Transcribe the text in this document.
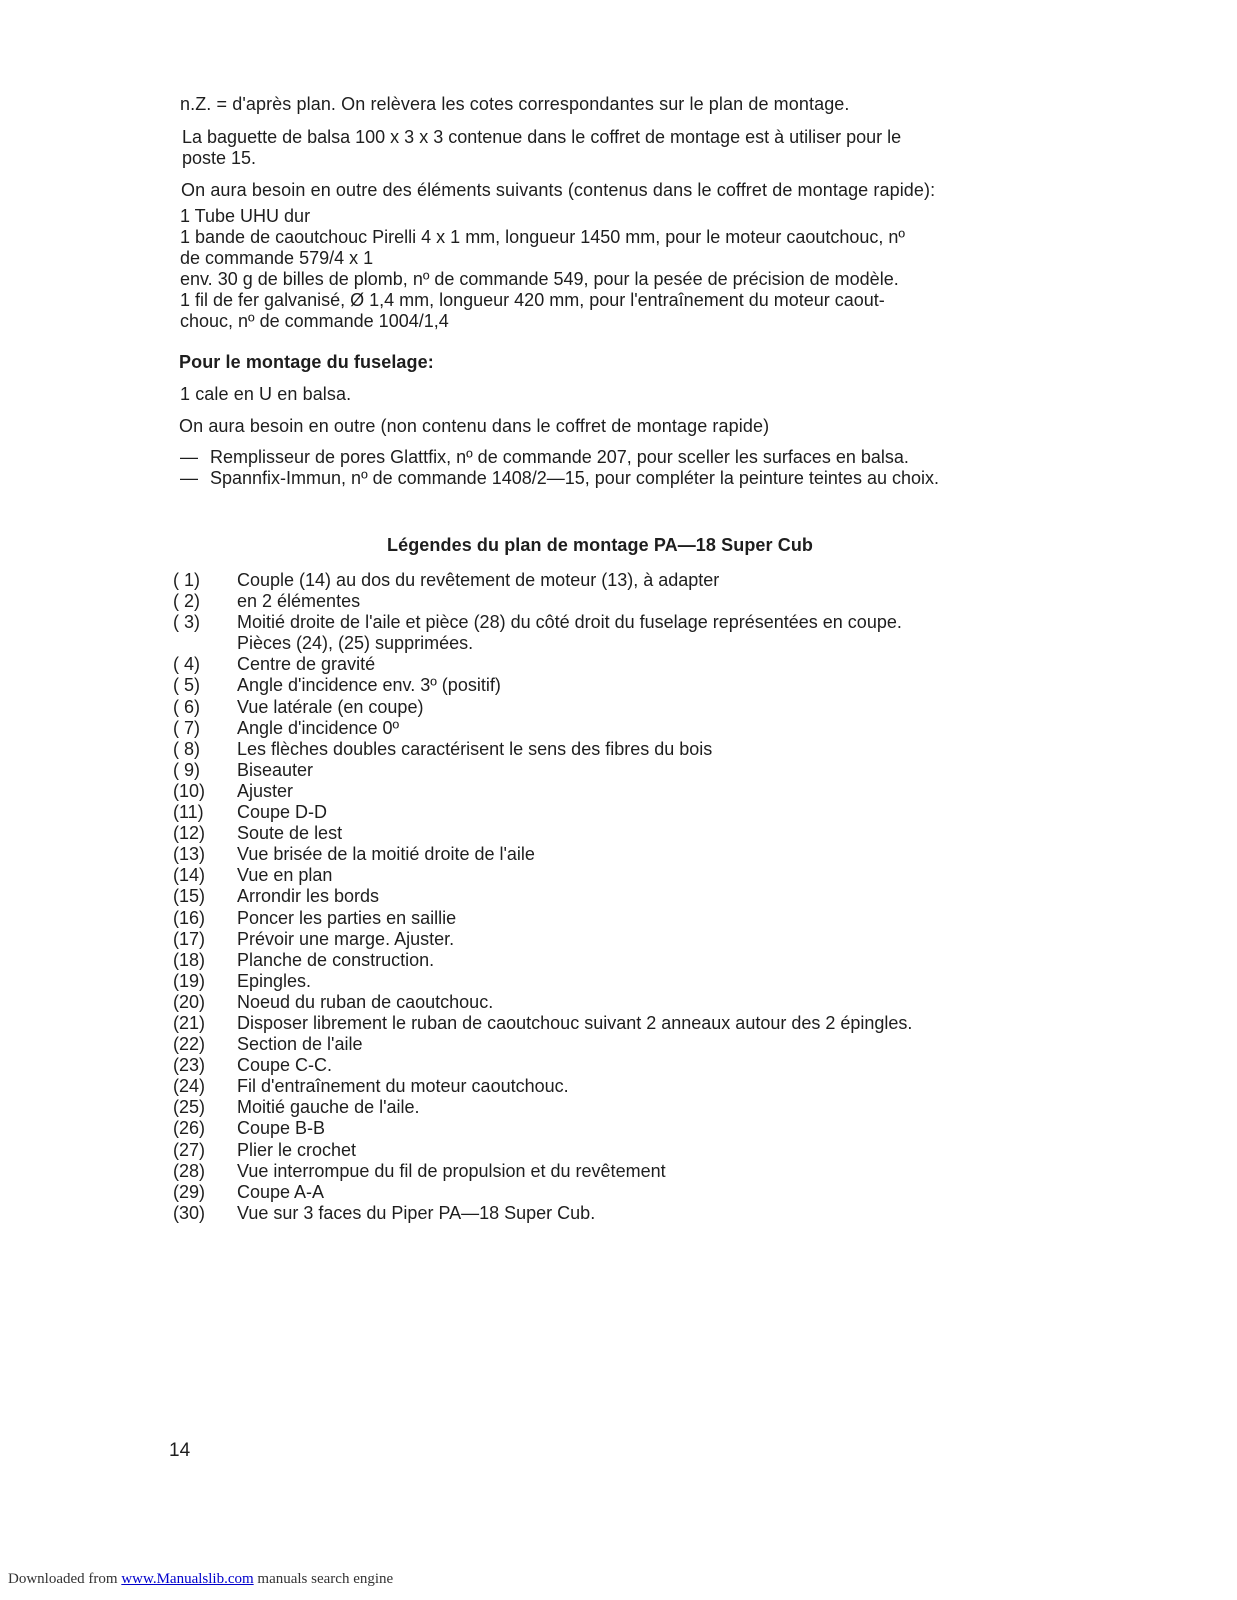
n.Z. = d'après plan. On relèvera les cotes correspondantes sur le plan de montage.
La baguette de balsa 100 x 3 x 3 contenue dans le coffret de montage est à utiliser pour le
poste 15.
On aura besoin en outre des éléments suivants (contenus dans le coffret de montage rapide):
1 Tube UHU dur
1 bande de caoutchouc Pirelli 4 x 1 mm, longueur 1450 mm, pour le moteur caoutchouc, nº
de commande 579/4 x 1
env. 30 g de billes de plomb, nº de commande 549, pour la pesée de précision de modèle.
1 fil de fer galvanisé, Ø 1,4 mm, longueur 420 mm, pour l'entraînement du moteur caout-
chouc, nº de commande 1004/1,4
Pour le montage du fuselage:
1 cale en U en balsa.
On aura besoin en outre (non contenu dans le coffret de montage rapide)
— Remplisseur de pores Glattfix, nº de commande 207, pour sceller les surfaces en balsa.
— Spannfix-Immun, nº de commande 1408/2—15, pour compléter la peinture teintes au choix.
Légendes du plan de montage PA—18 Super Cub
( 1)	Couple (14) au dos du revêtement de moteur (13), à adapter
( 2)	en 2 élémentes
( 3)	Moitié droite de l'aile et pièce (28) du côté droit du fuselage représentées en coupe.
Pièces (24), (25) supprimées.
( 4)	Centre de gravité
( 5)	Angle d'incidence env. 3º (positif)
( 6)	Vue latérale (en coupe)
( 7)	Angle d'incidence 0º
( 8)	Les flèches doubles caractérisent le sens des fibres du bois
( 9)	Biseauter
(10)	Ajuster
(11)	Coupe D-D
(12)	Soute de lest
(13)	Vue brisée de la moitié droite de l'aile
(14)	Vue en plan
(15)	Arrondir les bords
(16)	Poncer les parties en saillie
(17)	Prévoir une marge. Ajuster.
(18)	Planche de construction.
(19)	Epingles.
(20)	Noeud du ruban de caoutchouc.
(21)	Disposer librement le ruban de caoutchouc suivant 2 anneaux autour des 2 épingles.
(22)	Section de l'aile
(23)	Coupe C-C.
(24)	Fil d'entraînement du moteur caoutchouc.
(25)	Moitié gauche de l'aile.
(26)	Coupe B-B
(27)	Plier le crochet
(28)	Vue interrompue du fil de propulsion et du revêtement
(29)	Coupe A-A
(30)	Vue sur 3 faces du Piper PA—18 Super Cub.
14
Downloaded from www.Manualslib.com manuals search engine
